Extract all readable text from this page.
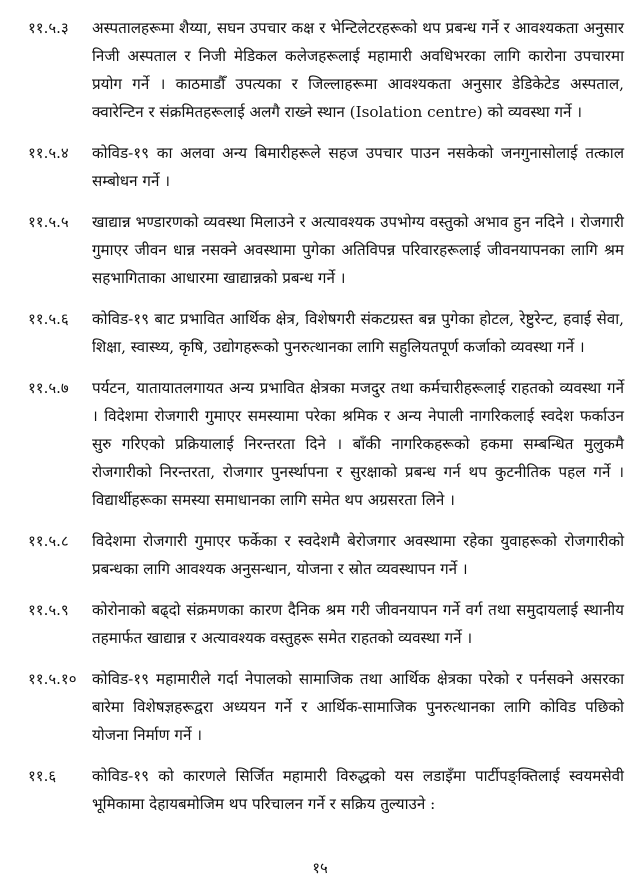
११.५.३	अस्पतालहरूमा शैय्या, सघन उपचार कक्ष र भेन्टिलेटरहरूको थप प्रबन्ध गर्ने र आवश्यकता अनुसार निजी अस्पताल र निजी मेडिकल कलेजहरूलाई महामारी अवधिभरका लागि कारोना उपचारमा प्रयोग गर्ने । काठमाडौँ उपत्यका र जिल्लाहरूमा आवश्यकता अनुसार डेडिकेटेड अस्पताल, क्वारेन्टिन र संक्रमितहरूलाई अलगै राख्ने स्थान (Isolation centre) को व्यवस्था गर्ने ।
११.५.४	कोविड-१९ का अलवा अन्य बिमारीहरूले सहज उपचार पाउन नसकेको जनगुनासोलाई तत्काल सम्बोधन गर्ने ।
११.५.५	खाद्यान्न भण्डारणको व्यवस्था मिलाउने र अत्यावश्यक उपभोग्य वस्तुको अभाव हुन नदिने । रोजगारी गुमाएर जीवन धान्न नसक्ने अवस्थामा पुगेका अतिविपन्न परिवारहरूलाई जीवनयापनका लागि श्रम सहभागिताका आधारमा खाद्यान्नको प्रबन्ध गर्ने ।
११.५.६	कोविड-१९ बाट प्रभावित आर्थिक क्षेत्र, विशेषगरी संकटग्रस्त बन्न पुगेका होटल, रेष्टुरेन्ट, हवाई सेवा, शिक्षा, स्वास्थ्य, कृषि, उद्योगहरूको पुनरुत्थानका लागि सहुलियतपूर्ण कर्जाको व्यवस्था गर्ने ।
११.५.७	पर्यटन, यातायातलगायत अन्य प्रभावित क्षेत्रका मजदुर तथा कर्मचारीहरूलाई राहतको व्यवस्था गर्ने । विदेशमा रोजगारी गुमाएर समस्यामा परेका श्रमिक र अन्य नेपाली नागरिकलाई स्वदेश फर्काउन सुरु गरिएको प्रक्रियालाई निरन्तरता दिने । बाँकी नागरिकहरूको हकमा सम्बन्धित मुलुकमै रोजगारीको निरन्तरता, रोजगार पुनर्स्थापना र सुरक्षाको प्रबन्ध गर्न थप कुटनीतिक पहल गर्ने । विद्यार्थीहरूका समस्या समाधानका लागि समेत थप अग्रसरता लिने ।
११.५.८	विदेशमा रोजगारी गुमाएर फर्केका र स्वदेशमै बेरोजगार अवस्थामा रहेका युवाहरूको रोजगारीको प्रबन्धका लागि आवश्यक अनुसन्धान, योजना र स्रोत व्यवस्थापन गर्ने ।
११.५.९	कोरोनाको बढ्दो संक्रमणका कारण दैनिक श्रम गरी जीवनयापन गर्ने वर्ग तथा समुदायलाई स्थानीय तहमार्फत खाद्यान्न र अत्यावश्यक वस्तुहरू समेत राहतको व्यवस्था गर्ने ।
११.५.१०	कोविड-१९ महामारीले गर्दा नेपालको सामाजिक तथा आर्थिक क्षेत्रका परेको र पर्नसक्ने असरका बारेमा विशेषज्ञहरूद्वरा अध्ययन गर्ने र आर्थिक-सामाजिक पुनरुत्थानका लागि कोविड पछिको योजना निर्माण गर्ने ।
११.६	कोविड-१९ को कारणले सिर्जित महामारी विरुद्धको यस लडाइँमा पार्टीपङ्क्तिलाई स्वयमसेवी भूमिकामा देहायबमोजिम थप परिचालन गर्ने र सक्रिय तुल्याउने :
१५
